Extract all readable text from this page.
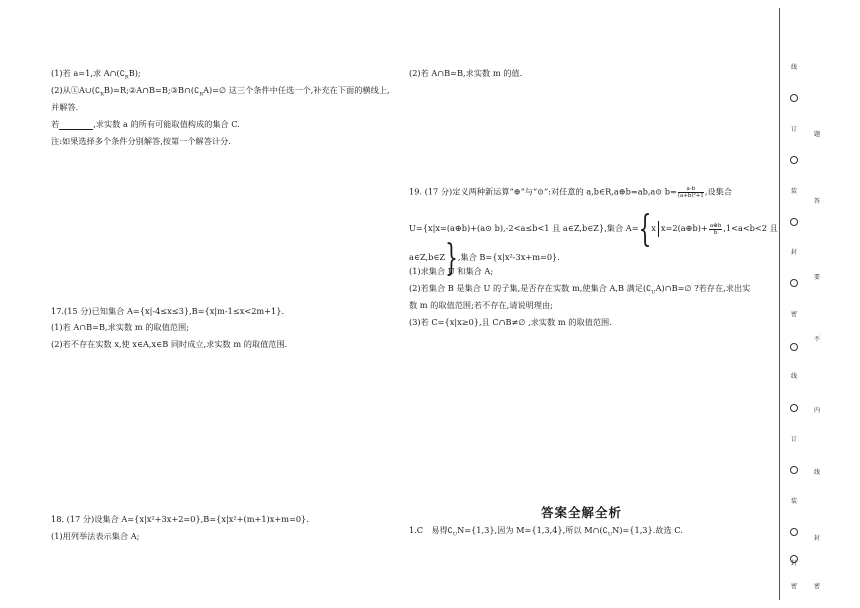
(1)若 a=1,求 $A\cap(∁_RB)$;
(2)从$①A\cup(∁_RB)=R;②A\cap B=B;③B\cap(∁_RA)=\emptyset$ 这三个条件中任选一个,补充在下面的横线上,
并解答.
若	,求实数 a 的所有可能取值构成的集合 C.
注:如果选择多个条件分别解答,按第一个解答计分.
17.(15 分)已知集合 A={x|-4≤x≤3},B={x|m-1≤x<2m+1}.
(1)若 A∩B=B,求实数 m 的取值范围;
(2)若不存在实数 x,使 x∈A,x∈B 同时成立,求实数 m 的取值范围.
18. (17 分)设集合 A={x|x²+3x+2=0},B={x|x²+(m+1)x+m=0}.
(1)用列举法表示集合 A;
(2)若 A∩B=B,求实数 m 的值.
19. (17 分)定义两种新运算“⊕”与“⊙”:对任意的 a,b∈R,a⊕b=ab,a⊙ $b= \frac{a-b}{\text{(a+b)²+1}}$ ,设集合
U={x|x=(a⊕b)+(a⊙ b),-2<a≤b<1 且 a∈Z,b∈Z},集合 A={x x=2(a⊕b)+ $\frac{a\oplus b}{b} ,1<a<b<2$ 且
a∈Z,b∈Z},集合 B={x|x²-3x+m=0}.
(1)求集合 U 和集合 A;
(2)若集合 B 是集合 U 的子集,是否存在实数 m,使集合 A,B 满足$(∁_UA)\cap B=\emptyset$ ?若存在,求出实
数 m 的取值范围;若不存在,请说明理由;
(3)若 C={x|x≥0},且 C∩B≠∅ ,求实数 m 的取值范围.
答案全解全析
1.C　易得$∁_UN=\{1,3\}$,因为 M={1,3,4},所以 $M\cap(∁_UN)=\{1,3\}$.故选 C.
线
订
装
封
密
线
订
装
封
密
题
答
要
不
内
线
封
密
